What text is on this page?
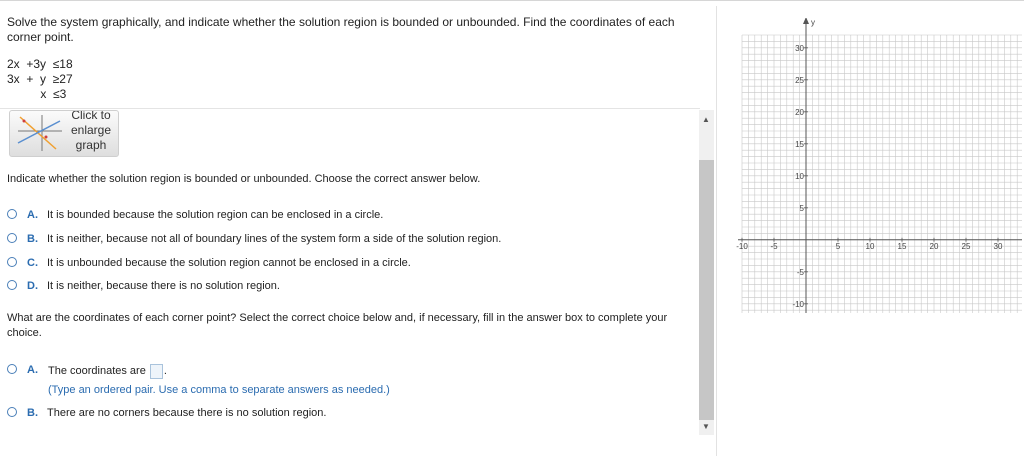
Solve the system graphically, and indicate whether the solution region is bounded or unbounded. Find the coordinates of each corner point.
2x  +3y  ≤18
3x  +  y  ≥27
x  ≤3
Click to enlarge graph
▲
▼
Indicate whether the solution region is bounded or unbounded. Choose the correct answer below.
A. It is bounded because the solution region can be enclosed in a circle.
B. It is neither, because not all of boundary lines of the system form a side of the solution region.
C. It is unbounded because the solution region cannot be enclosed in a circle.
D. It is neither, because there is no solution region.
What are the coordinates of each corner point? Select the correct choice below and, if necessary, fill in the answer box to complete your choice.
A. The coordinates are .
(Type an ordered pair. Use a comma to separate answers as needed.)
B. There are no corners because there is no solution region.
y
-10	-5	5	10	15	20	25	30
30
25
20
15
10
5
-5
-10
